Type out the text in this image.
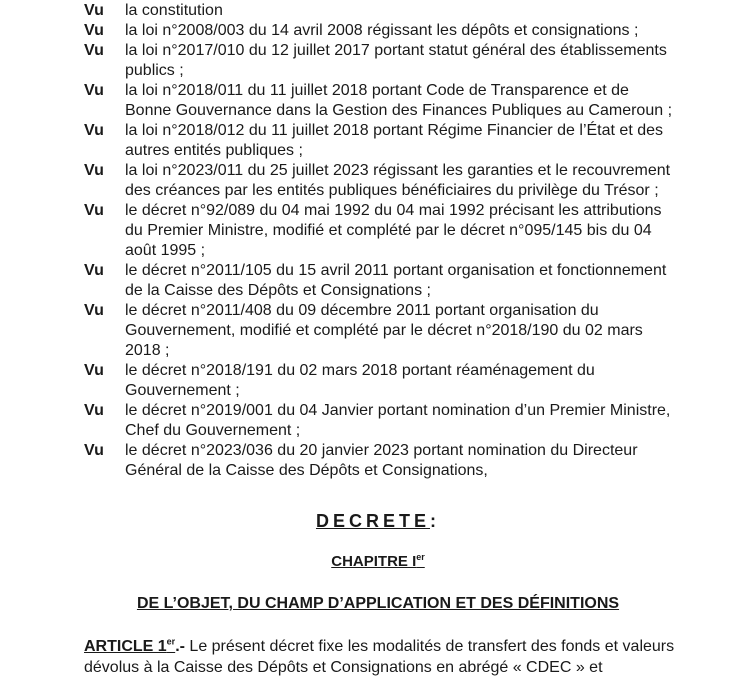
Vu la constitution
Vu la loi n°2008/003 du 14 avril 2008 régissant les dépôts et consignations ;
Vu la loi n°2017/010 du 12 juillet 2017 portant statut général des établissements
publics ;
Vu la loi n°2018/011 du 11 juillet 2018 portant Code de Transparence et de
Bonne Gouvernance dans la Gestion des Finances Publiques au Cameroun ;
Vu la loi n°2018/012 du 11 juillet 2018 portant Régime Financier de l’État et des
autres entités publiques ;
Vu la loi n°2023/011 du 25 juillet 2023 régissant les garanties et le recouvrement
des créances par les entités publiques bénéficiaires du privilège du Trésor ;
Vu le décret n°92/089 du 04 mai 1992 du 04 mai 1992 précisant les attributions
du Premier Ministre, modifié et complété par le décret n°095/145 bis du 04
août 1995 ;
Vu le décret n°2011/105 du 15 avril 2011 portant organisation et fonctionnement
de la Caisse des Dépôts et Consignations ;
Vu le décret n°2011/408 du 09 décembre 2011 portant organisation du
Gouvernement, modifié et complété par le décret n°2018/190 du 02 mars
2018 ;
Vu le décret n°2018/191 du 02 mars 2018 portant réaménagement du
Gouvernement ;
Vu le décret n°2019/001 du 04 Janvier portant nomination d’un Premier Ministre,
Chef du Gouvernement ;
Vu le décret n°2023/036 du 20 janvier 2023 portant nomination du Directeur
Général de la Caisse des Dépôts et Consignations,
DECRETE:
CHAPITRE Ier
DE L’OBJET, DU CHAMP D’APPLICATION ET DES DÉFINITIONS
ARTICLE 1er.- Le présent décret fixe les modalités de transfert des fonds et valeurs
dévolus à la Caisse des Dépôts et Consignations en abrégé « CDEC » et
